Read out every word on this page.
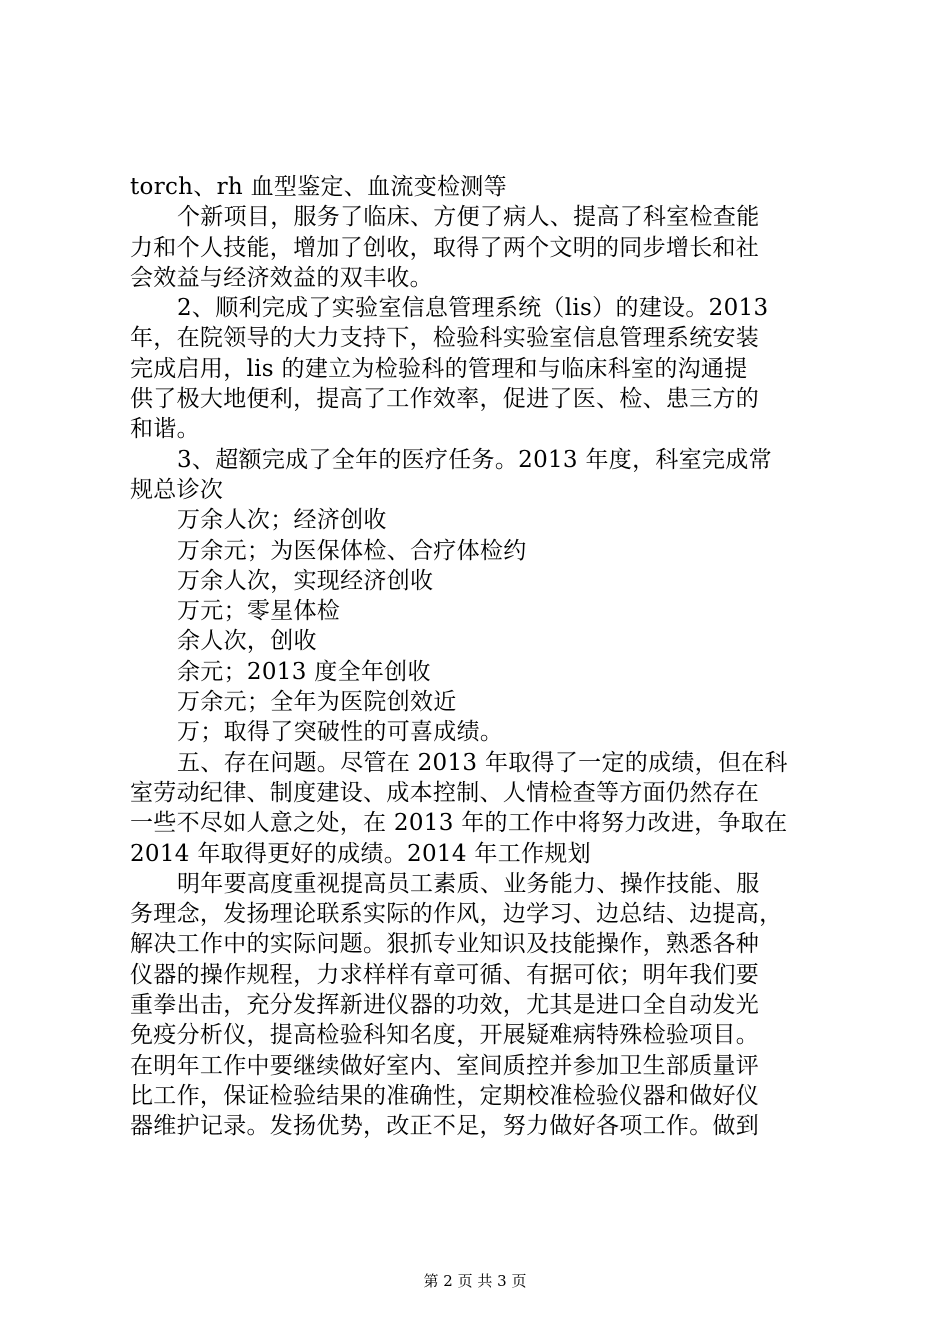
torch、rh 血型鉴定、血流变检测等
个新项目，服务了临床、方便了病人、提高了科室检查能
力和个人技能，增加了创收，取得了两个文明的同步增长和社
会效益与经济效益的双丰收。
2、顺利完成了实验室信息管理系统（lis）的建设。2013
年，在院领导的大力支持下，检验科实验室信息管理系统安装
完成启用，lis 的建立为检验科的管理和与临床科室的沟通提
供了极大地便利，提高了工作效率，促进了医、检、患三方的
和谐。
3、超额完成了全年的医疗任务。2013 年度，科室完成常
规总诊次
万余人次；经济创收
万余元；为医保体检、合疗体检约
万余人次，实现经济创收
万元；零星体检
余人次，创收
余元；2013 度全年创收
万余元；全年为医院创效近
万；取得了突破性的可喜成绩。
五、存在问题。尽管在 2013 年取得了一定的成绩，但在科
室劳动纪律、制度建设、成本控制、人情检查等方面仍然存在
一些不尽如人意之处，在 2013 年的工作中将努力改进，争取在
2014 年取得更好的成绩。2014 年工作规划
明年要高度重视提高员工素质、业务能力、操作技能、服
务理念，发扬理论联系实际的作风，边学习、边总结、边提高，
解决工作中的实际问题。狠抓专业知识及技能操作，熟悉各种
仪器的操作规程，力求样样有章可循、有据可依；明年我们要
重拳出击，充分发挥新进仪器的功效，尤其是进口全自动发光
免疫分析仪，提高检验科知名度，开展疑难病特殊检验项目。
在明年工作中要继续做好室内、室间质控并参加卫生部质量评
比工作，保证检验结果的准确性，定期校准检验仪器和做好仪
器维护记录。发扬优势，改正不足，努力做好各项工作。做到
第 2 页 共 3 页
